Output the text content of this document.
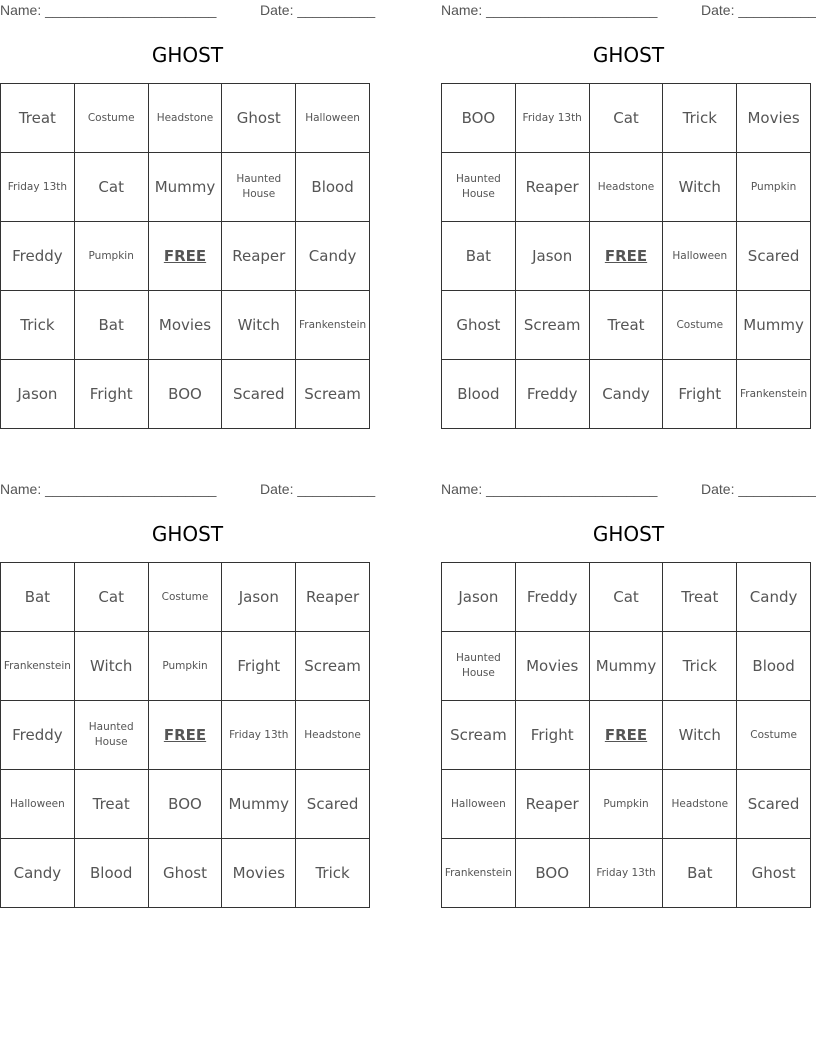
Name: ______________________	Date: __________
GHOST
Treat	Costume	Headstone	Ghost	Halloween
Friday 13th	Cat	Mummy	Haunted House	Blood
Freddy	Pumpkin	FREE	Reaper	Candy
Trick	Bat	Movies	Witch	Frankenstein
Jason	Fright	BOO	Scared	Scream
Name: ______________________	Date: __________
GHOST
BOO	Friday 13th	Cat	Trick	Movies
Haunted House	Reaper	Headstone	Witch	Pumpkin
Bat	Jason	FREE	Halloween	Scared
Ghost	Scream	Treat	Costume	Mummy
Blood	Freddy	Candy	Fright	Frankenstein
Name: ______________________	Date: __________
GHOST
Bat	Cat	Costume	Jason	Reaper
Frankenstein	Witch	Pumpkin	Fright	Scream
Freddy	Haunted House	FREE	Friday 13th	Headstone
Halloween	Treat	BOO	Mummy	Scared
Candy	Blood	Ghost	Movies	Trick
Name: ______________________	Date: __________
GHOST
Jason	Freddy	Cat	Treat	Candy
Haunted House	Movies	Mummy	Trick	Blood
Scream	Fright	FREE	Witch	Costume
Halloween	Reaper	Pumpkin	Headstone	Scared
Frankenstein	BOO	Friday 13th	Bat	Ghost
